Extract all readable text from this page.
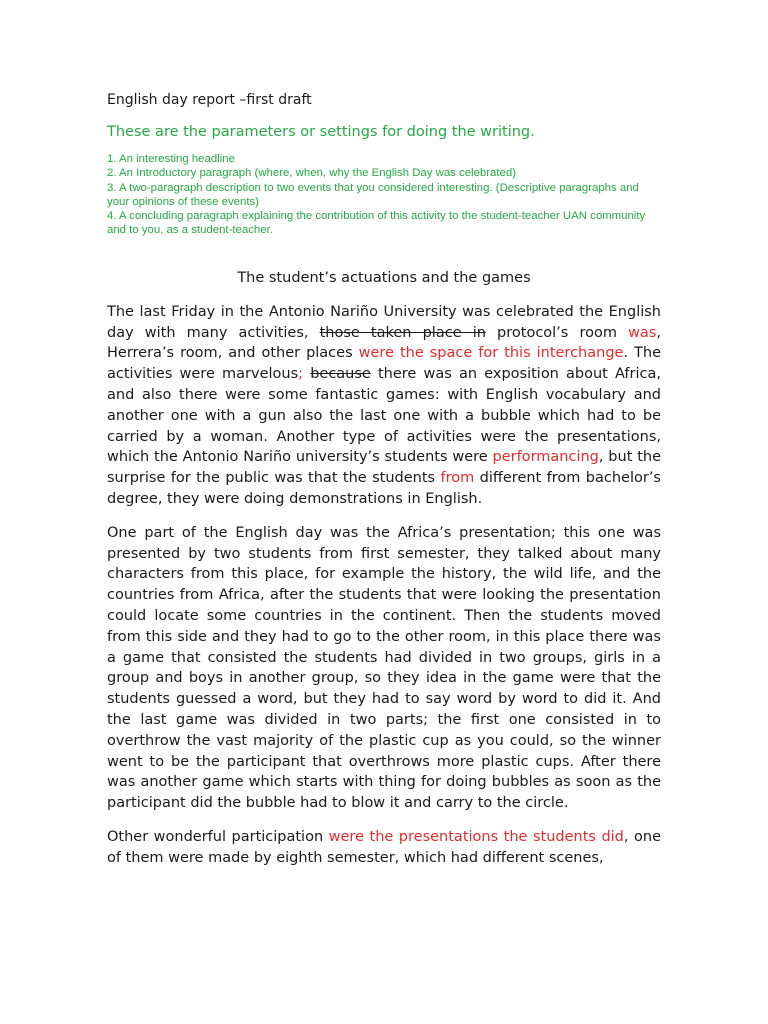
English day report –first draft
These are the parameters or settings for doing the writing.
1. An interesting headline
2. An Introductory paragraph (where, when, why the English Day was celebrated)
3. A two-paragraph description to two events that you considered interesting. (Descriptive paragraphs and your opinions of these events)
4. A concluding paragraph explaining the contribution of this activity to the student-teacher UAN community and to you, as a student-teacher.
The student’s actuations and the games

The last Friday in the Antonio Nariño University was celebrated the English day with many activities, those taken place in protocol’s room was, Herrera’s room, and other places were the space for this interchange. The activities were marvelous; because there was an exposition about Africa, and also there were some fantastic games: with English vocabulary and another one with a gun also the last one with a bubble which had to be carried by a woman. Another type of activities were the presentations, which the Antonio Nariño university’s students were performancing, but the surprise for the public was that the students from different from bachelor’s degree, they were doing demonstrations in English.

One part of the English day was the Africa’s presentation; this one was presented by two students from first semester, they talked about many characters from this place, for example the history, the wild life, and the countries from Africa, after the students that were looking the presentation could locate some countries in the continent. Then the students moved from this side and they had to go to the other room, in this place there was a game that consisted the students had divided in two groups, girls in a group and boys in another group, so they idea in the game were that the students guessed a word, but they had to say word by word to did it. And the last game was divided in two parts; the first one consisted in to overthrow the vast majority of the plastic cup as you could, so the winner went to be the participant that overthrows more plastic cups. After there was another game which starts with thing for doing bubbles as soon as the participant did the bubble had to blow it and carry to the circle.

Other wonderful participation were the presentations the students did, one of them were made by eighth semester, which had different scenes,
